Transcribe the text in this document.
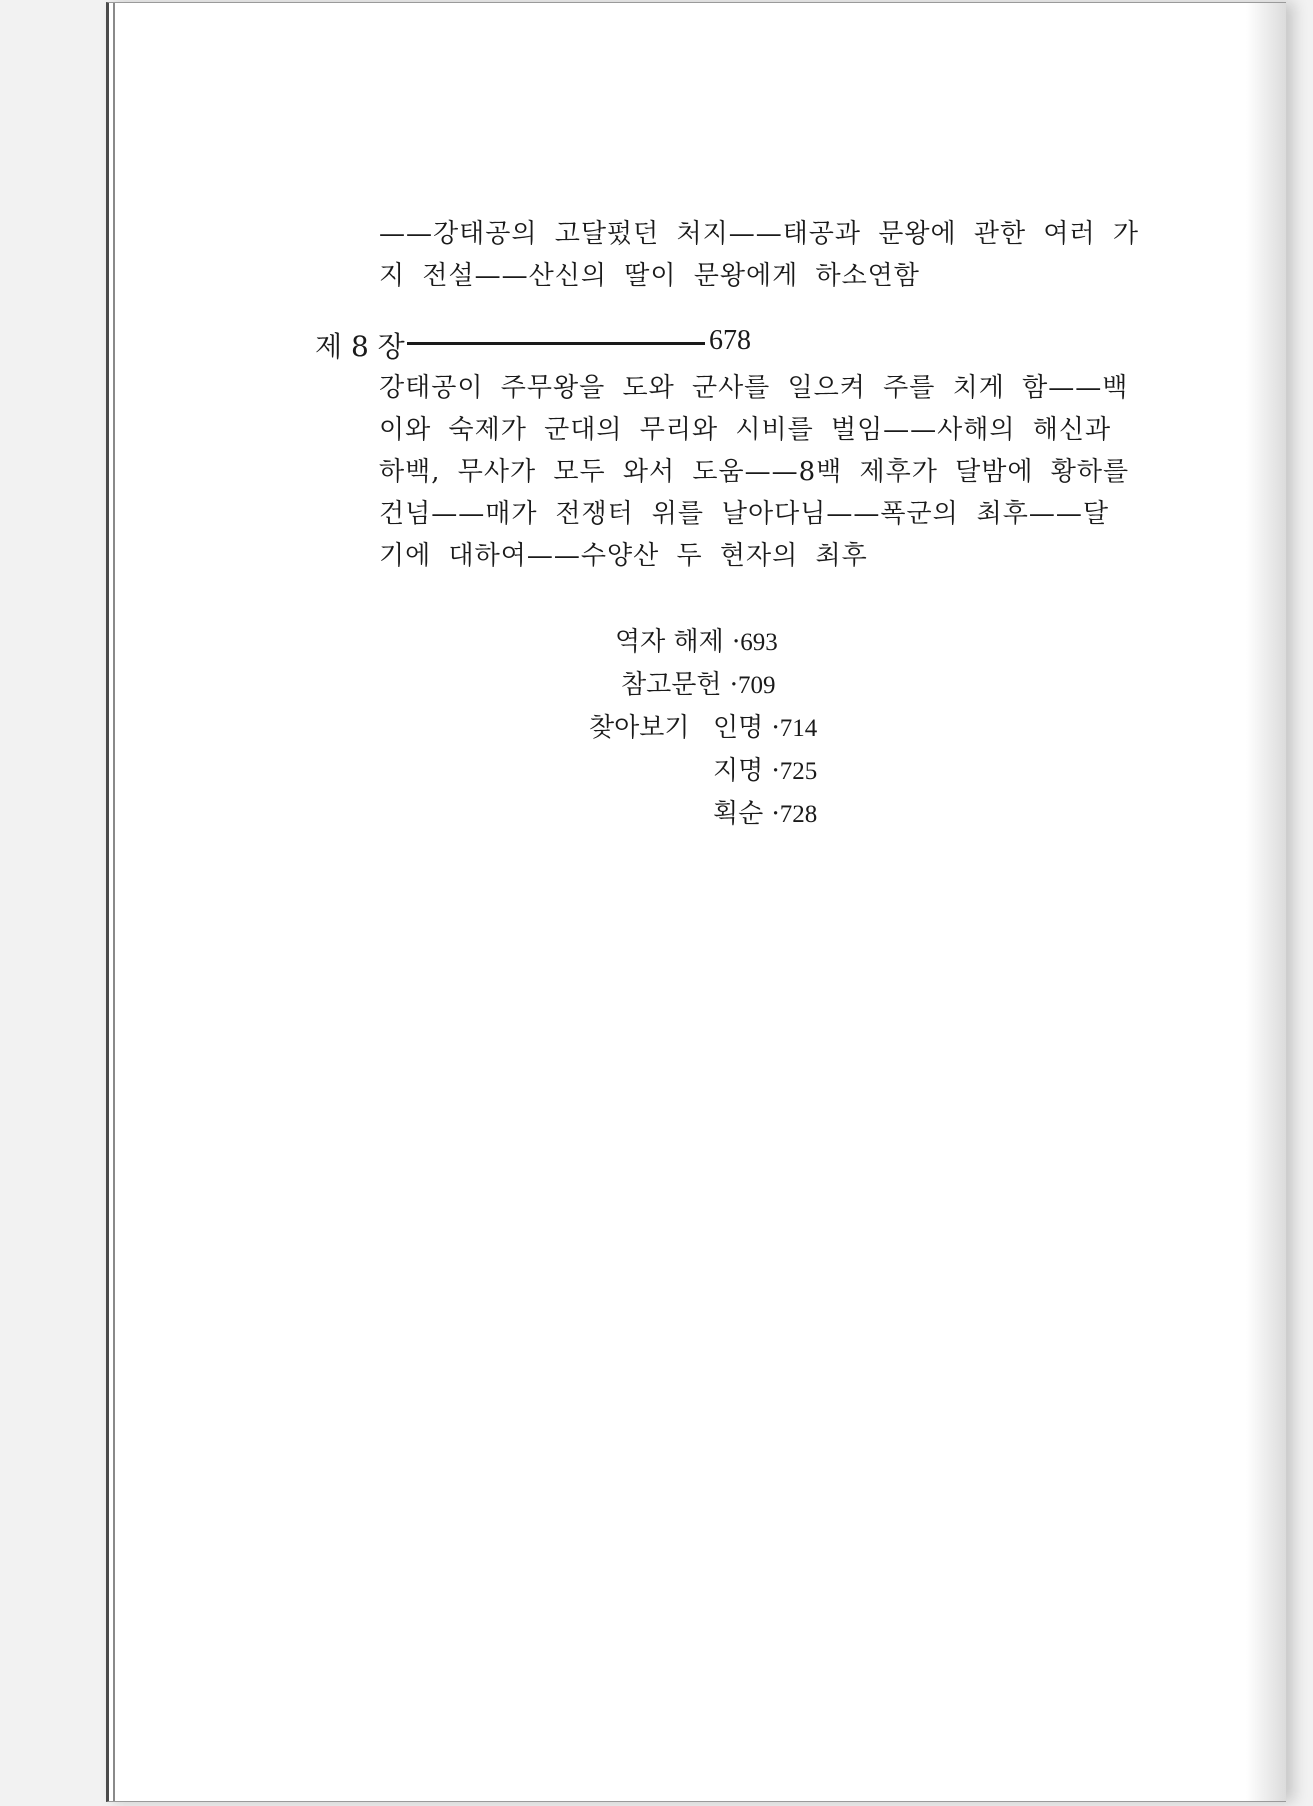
——강태공의 고달펐던 처지——태공과 문왕에 관한 여러 가
지 전설——산신의 딸이 문왕에게 하소연함
제 8 장	678
강태공이 주무왕을 도와 군사를 일으켜 주를 치게 함——백
이와 숙제가 군대의 무리와 시비를 벌임——사해의 해신과
하백, 무사가 모두 와서 도움——8백 제후가 달밤에 황하를
건넘——매가 전쟁터 위를 날아다님——폭군의 최후——달
기에 대하여——수양산 두 현자의 최후
역자 해제 ·693
참고문헌 ·709
찾아보기 인명 ·714
지명 ·725
획순 ·728
